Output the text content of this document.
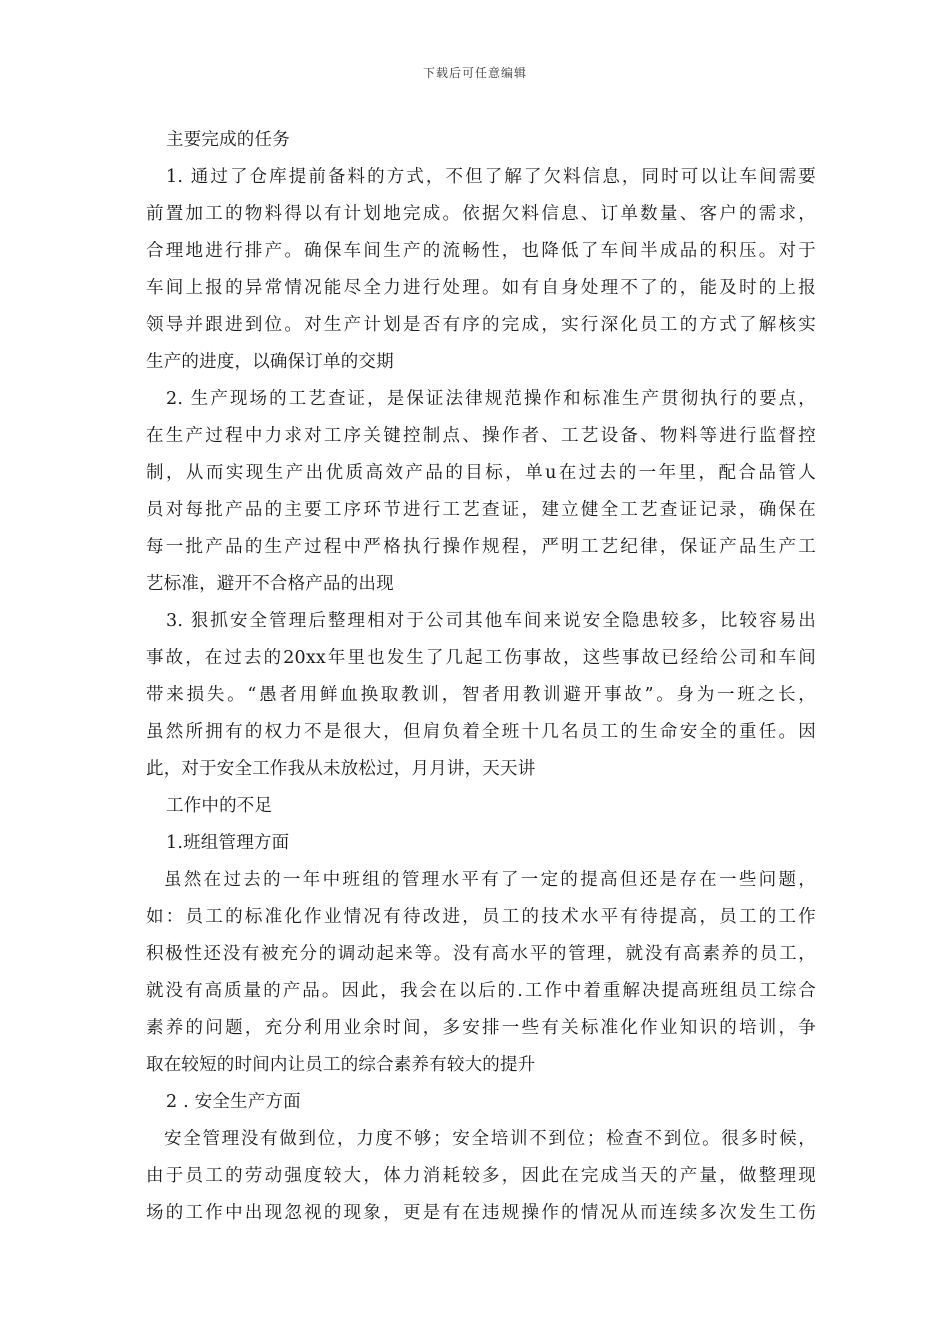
下载后可任意编辑
主要完成的任务
1. 通过了仓库提前备料的方式，不但了解了欠料信息，同时可以让车间需要
前置加工的物料得以有计划地完成。依据欠料信息、订单数量、客户的需求，
合理地进行排产。确保车间生产的流畅性，也降低了车间半成品的积压。对于
车间上报的异常情况能尽全力进行处理。如有自身处理不了的，能及时的上报
领导并跟进到位。对生产计划是否有序的完成，实行深化员工的方式了解核实
生产的进度，以确保订单的交期
2. 生产现场的工艺查证，是保证法律规范操作和标准生产贯彻执行的要点，
在生产过程中力求对工序关键控制点、操作者、工艺设备、物料等进行监督控
制，从而实现生产出优质高效产品的目标，单u在过去的一年里，配合品管人
员对每批产品的主要工序环节进行工艺查证，建立健全工艺查证记录，确保在
每一批产品的生产过程中严格执行操作规程，严明工艺纪律，保证产品生产工
艺标准，避开不合格产品的出现
3. 狠抓安全管理后整理相对于公司其他车间来说安全隐患较多，比较容易出
事故，在过去的20xx年里也发生了几起工伤事故，这些事故已经给公司和车间
带来损失。“愚者用鲜血换取教训，智者用教训避开事故”。身为一班之长，
虽然所拥有的权力不是很大，但肩负着全班十几名员工的生命安全的重任。因
此，对于安全工作我从未放松过，月月讲，天天讲
工作中的不足
1.班组管理方面
虽然在过去的一年中班组的管理水平有了一定的提高但还是存在一些问题，
如：员工的标准化作业情况有待改进，员工的技术水平有待提高，员工的工作
积极性还没有被充分的调动起来等。没有高水平的管理，就没有高素养的员工，
就没有高质量的产品。因此，我会在以后的.工作中着重解决提高班组员工综合
素养的问题，充分利用业余时间，多安排一些有关标准化作业知识的培训，争
取在较短的时间内让员工的综合素养有较大的提升
2 . 安全生产方面
安全管理没有做到位，力度不够；安全培训不到位；检查不到位。很多时候，
由于员工的劳动强度较大，体力消耗较多，因此在完成当天的产量，做整理现
场的工作中出现忽视的现象，更是有在违规操作的情况从而连续多次发生工伤
